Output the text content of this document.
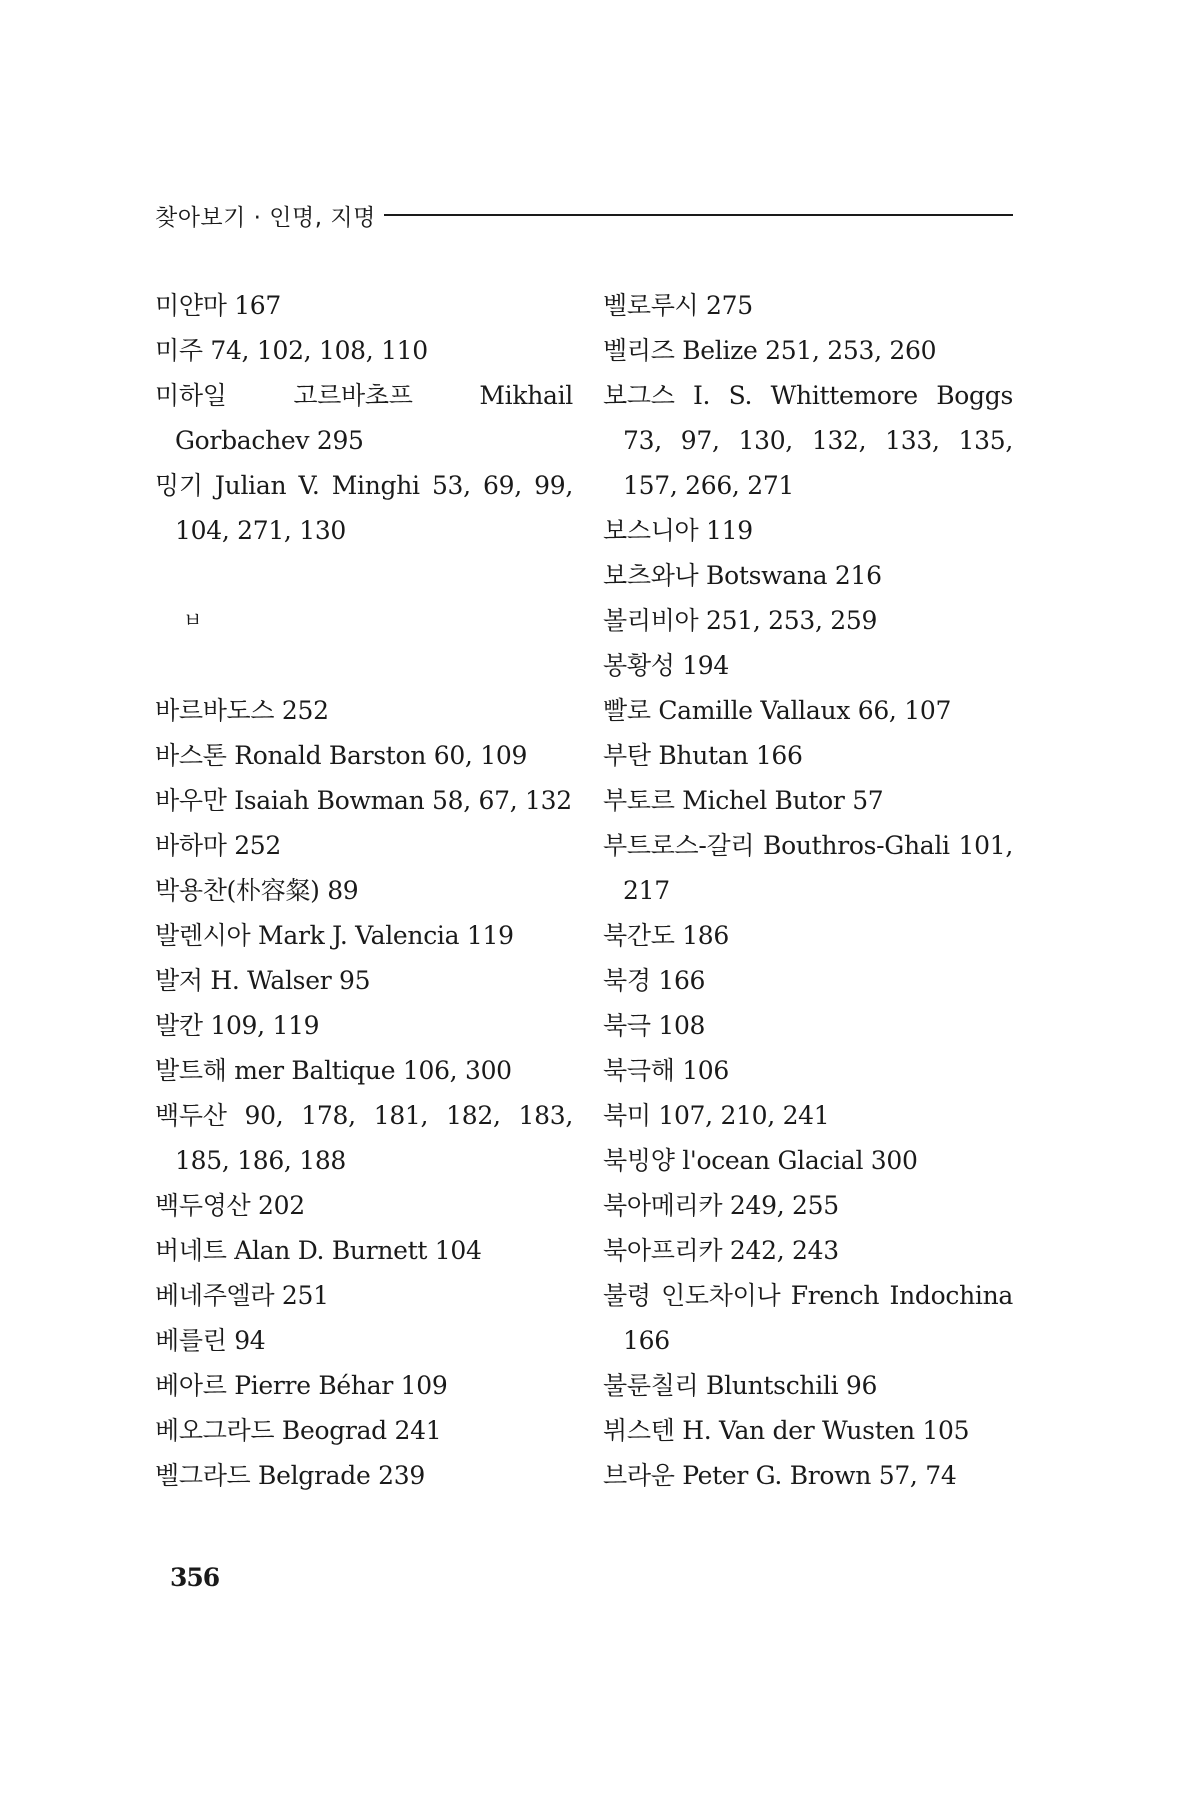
찾아보기 · 인명, 지명
미얀마 167
미주 74, 102, 108, 110
미하일 고르바초프 Mikhail Gorbachev 295
밍기 Julian V. Minghi 53, 69, 99, 104, 271, 130
ㅂ
바르바도스 252
바스톤 Ronald Barston 60, 109
바우만 Isaiah Bowman 58, 67, 132
바하마 252
박용찬(朴容粲) 89
발렌시아 Mark J. Valencia 119
발저 H. Walser 95
발칸 109, 119
발트해 mer Baltique 106, 300
백두산 90, 178, 181, 182, 183, 185, 186, 188
백두영산 202
버네트 Alan D. Burnett 104
베네주엘라 251
베를린 94
베아르 Pierre Béhar 109
베오그라드 Beograd 241
벨그라드 Belgrade 239
벨로루시 275
벨리즈 Belize 251, 253, 260
보그스 I. S. Whittemore Boggs 73, 97, 130, 132, 133, 135, 157, 266, 271
보스니아 119
보츠와나 Botswana 216
볼리비아 251, 253, 259
봉황성 194
빨로 Camille Vallaux 66, 107
부탄 Bhutan 166
부토르 Michel Butor 57
부트로스-갈리 Bouthros-Ghali 101, 217
북간도 186
북경 166
북극 108
북극해 106
북미 107, 210, 241
북빙양 l'ocean Glacial 300
북아메리카 249, 255
북아프리카 242, 243
불령 인도차이나 French Indochina 166
불룬칠리 Bluntschili 96
뷔스텐 H. Van der Wusten 105
브라운 Peter G. Brown 57, 74
356
